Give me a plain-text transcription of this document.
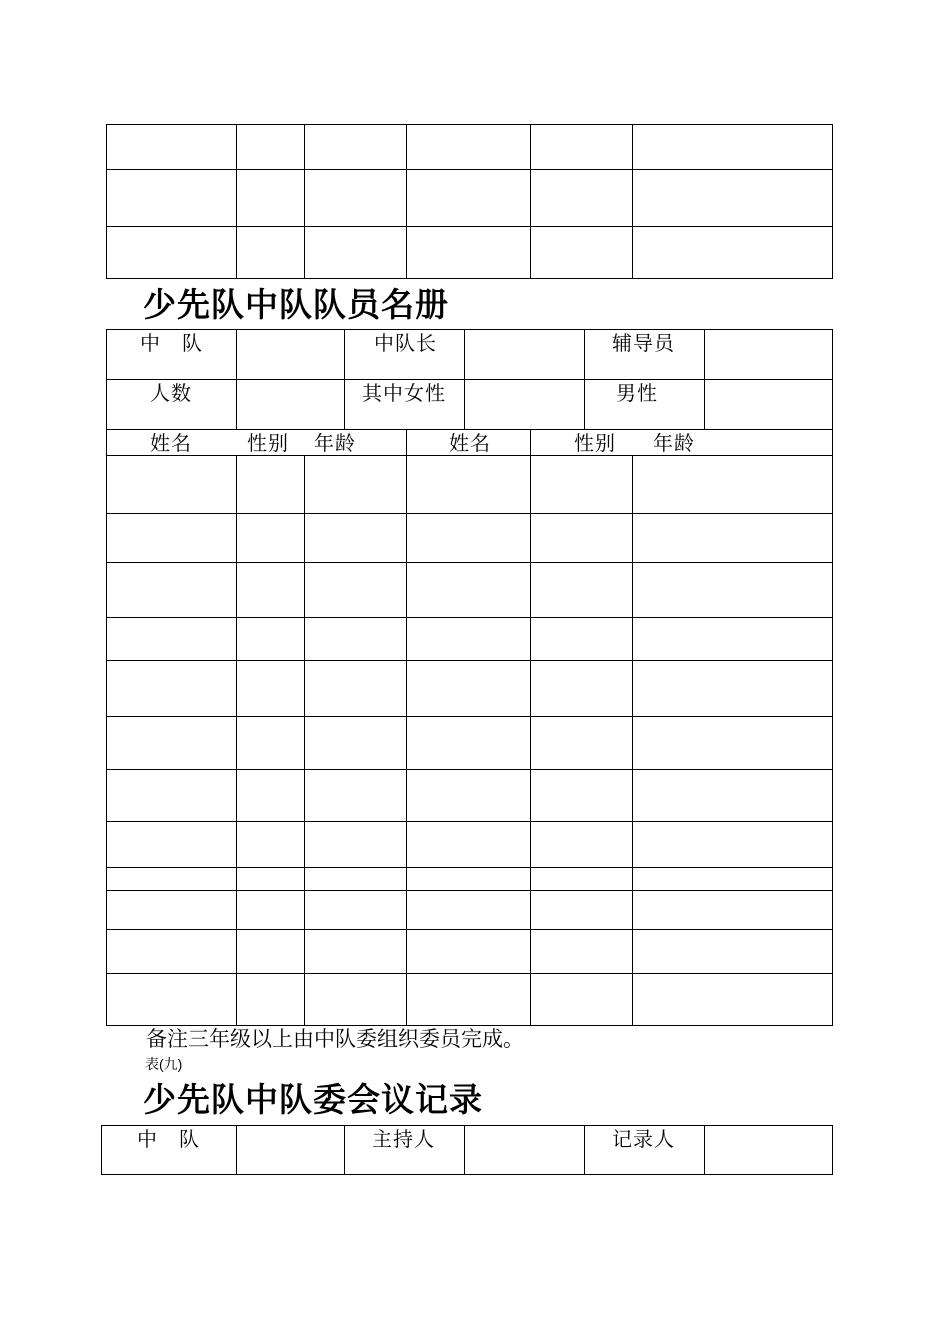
少先队中队队员名册
中　队	中队长	辅导员
人数	其中女性	男性
姓名	性别 年龄	姓名	性别 年龄
备注三年级以上由中队委组织委员完成。
表(九)
少先队中队委会议记录
中　队	主持人	记录人
